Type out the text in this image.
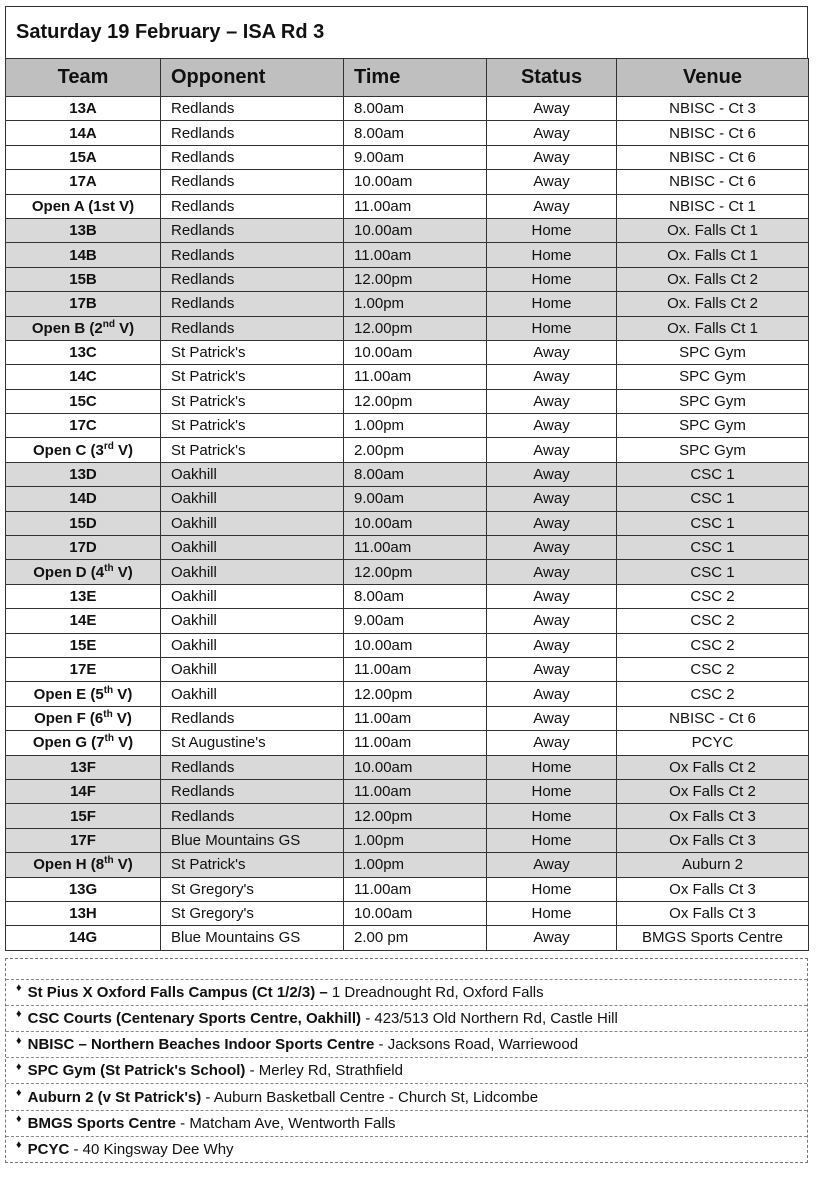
Saturday 19 February – ISA Rd 3
Team	Opponent	Time	Status	Venue
13A	Redlands	8.00am	Away	NBISC - Ct 3
14A	Redlands	8.00am	Away	NBISC - Ct 6
15A	Redlands	9.00am	Away	NBISC - Ct 6
17A	Redlands	10.00am	Away	NBISC - Ct 6
Open A (1st V)	Redlands	11.00am	Away	NBISC - Ct 1
13B	Redlands	10.00am	Home	Ox. Falls Ct 1
14B	Redlands	11.00am	Home	Ox. Falls Ct 1
15B	Redlands	12.00pm	Home	Ox. Falls Ct 2
17B	Redlands	1.00pm	Home	Ox. Falls Ct 2
Open B (2nd V)	Redlands	12.00pm	Home	Ox. Falls Ct 1
13C	St Patrick's	10.00am	Away	SPC Gym
14C	St Patrick's	11.00am	Away	SPC Gym
15C	St Patrick's	12.00pm	Away	SPC Gym
17C	St Patrick's	1.00pm	Away	SPC Gym
Open C (3rd V)	St Patrick's	2.00pm	Away	SPC Gym
13D	Oakhill	8.00am	Away	CSC 1
14D	Oakhill	9.00am	Away	CSC 1
15D	Oakhill	10.00am	Away	CSC 1
17D	Oakhill	11.00am	Away	CSC 1
Open D (4th V)	Oakhill	12.00pm	Away	CSC 1
13E	Oakhill	8.00am	Away	CSC 2
14E	Oakhill	9.00am	Away	CSC 2
15E	Oakhill	10.00am	Away	CSC 2
17E	Oakhill	11.00am	Away	CSC 2
Open E (5th V)	Oakhill	12.00pm	Away	CSC 2
Open F (6th V)	Redlands	11.00am	Away	NBISC - Ct 6
Open G (7th V)	St Augustine's	11.00am	Away	PCYC
13F	Redlands	10.00am	Home	Ox Falls Ct 2
14F	Redlands	11.00am	Home	Ox Falls Ct 2
15F	Redlands	12.00pm	Home	Ox Falls Ct 3
17F	Blue Mountains GS	1.00pm	Home	Ox Falls Ct 3
Open H (8th V)	St Patrick's	1.00pm	Away	Auburn 2
13G	St Gregory's	11.00am	Home	Ox Falls Ct 3
13H	St Gregory's	10.00am	Home	Ox Falls Ct 3
14G	Blue Mountains GS	2.00 pm	Away	BMGS Sports Centre
♦ St Pius X Oxford Falls Campus (Ct 1/2/3) – 1 Dreadnought Rd, Oxford Falls
♦ CSC Courts (Centenary Sports Centre, Oakhill) - 423/513 Old Northern Rd, Castle Hill
♦ NBISC – Northern Beaches Indoor Sports Centre - Jacksons Road, Warriewood
♦ SPC Gym (St Patrick's School) - Merley Rd, Strathfield
♦ Auburn 2 (v St Patrick's) - Auburn Basketball Centre - Church St, Lidcombe
♦ BMGS Sports Centre - Matcham Ave, Wentworth Falls
♦ PCYC - 40 Kingsway Dee Why
